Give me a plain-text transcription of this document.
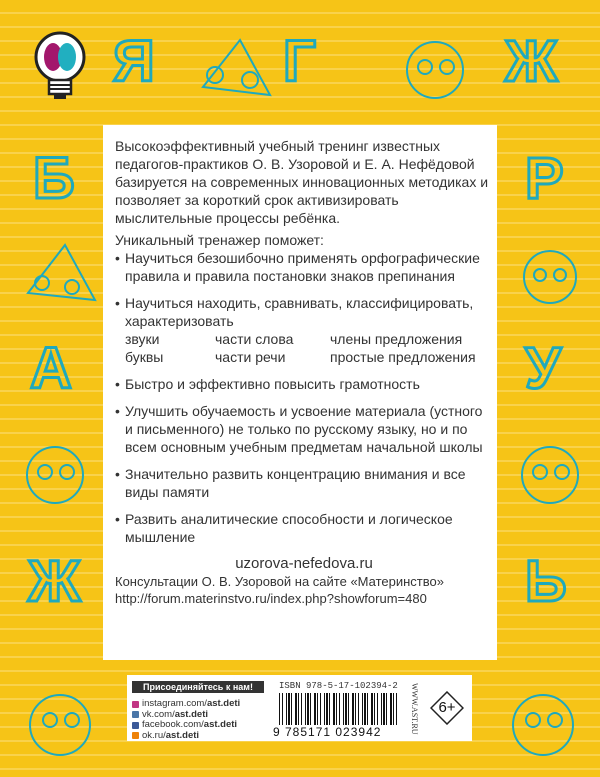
Я Г	Ж
Б	Р
А	У
Ж	Ь

Высокоэффективный учебный тренинг известных педагогов-практиков О. В. Узоровой и Е. А. Нефёдовой базируется на современных инновационных методиках и позволяет за короткий срок активизировать мыслительные процессы ребёнка.

Уникальный тренажер поможет:

• Научиться безошибочно применять орфографические правила и правила постановки знаков препинания
• Научиться находить, сравнивать, классифицировать, характеризовать
звуки	части слова	члены предложения
буквы	части речи	простые предложения
• Быстро и эффективно повысить грамотность
• Улучшить обучаемость и усвоение материала (устного и письменного) не только по русскому языку, но и по всем основным учебным предметам начальной школы
• Значительно развить концентрацию внимания и все виды памяти
• Развить аналитические способности и логическое мышление

uzorova-nefedova.ru

Консультации О. В. Узоровой на сайте «Материнство»
http://forum.materinstvo.ru/index.php?showforum=480

Присоединяйтесь к нам!
instagram.com/ ast.deti
vk.com/ ast.deti
facebook.com/ ast.deti
ok.ru/ ast.deti
ISBN 978-5-17-102394-2
9 785171 023942	WWW.AST.RU	6+
